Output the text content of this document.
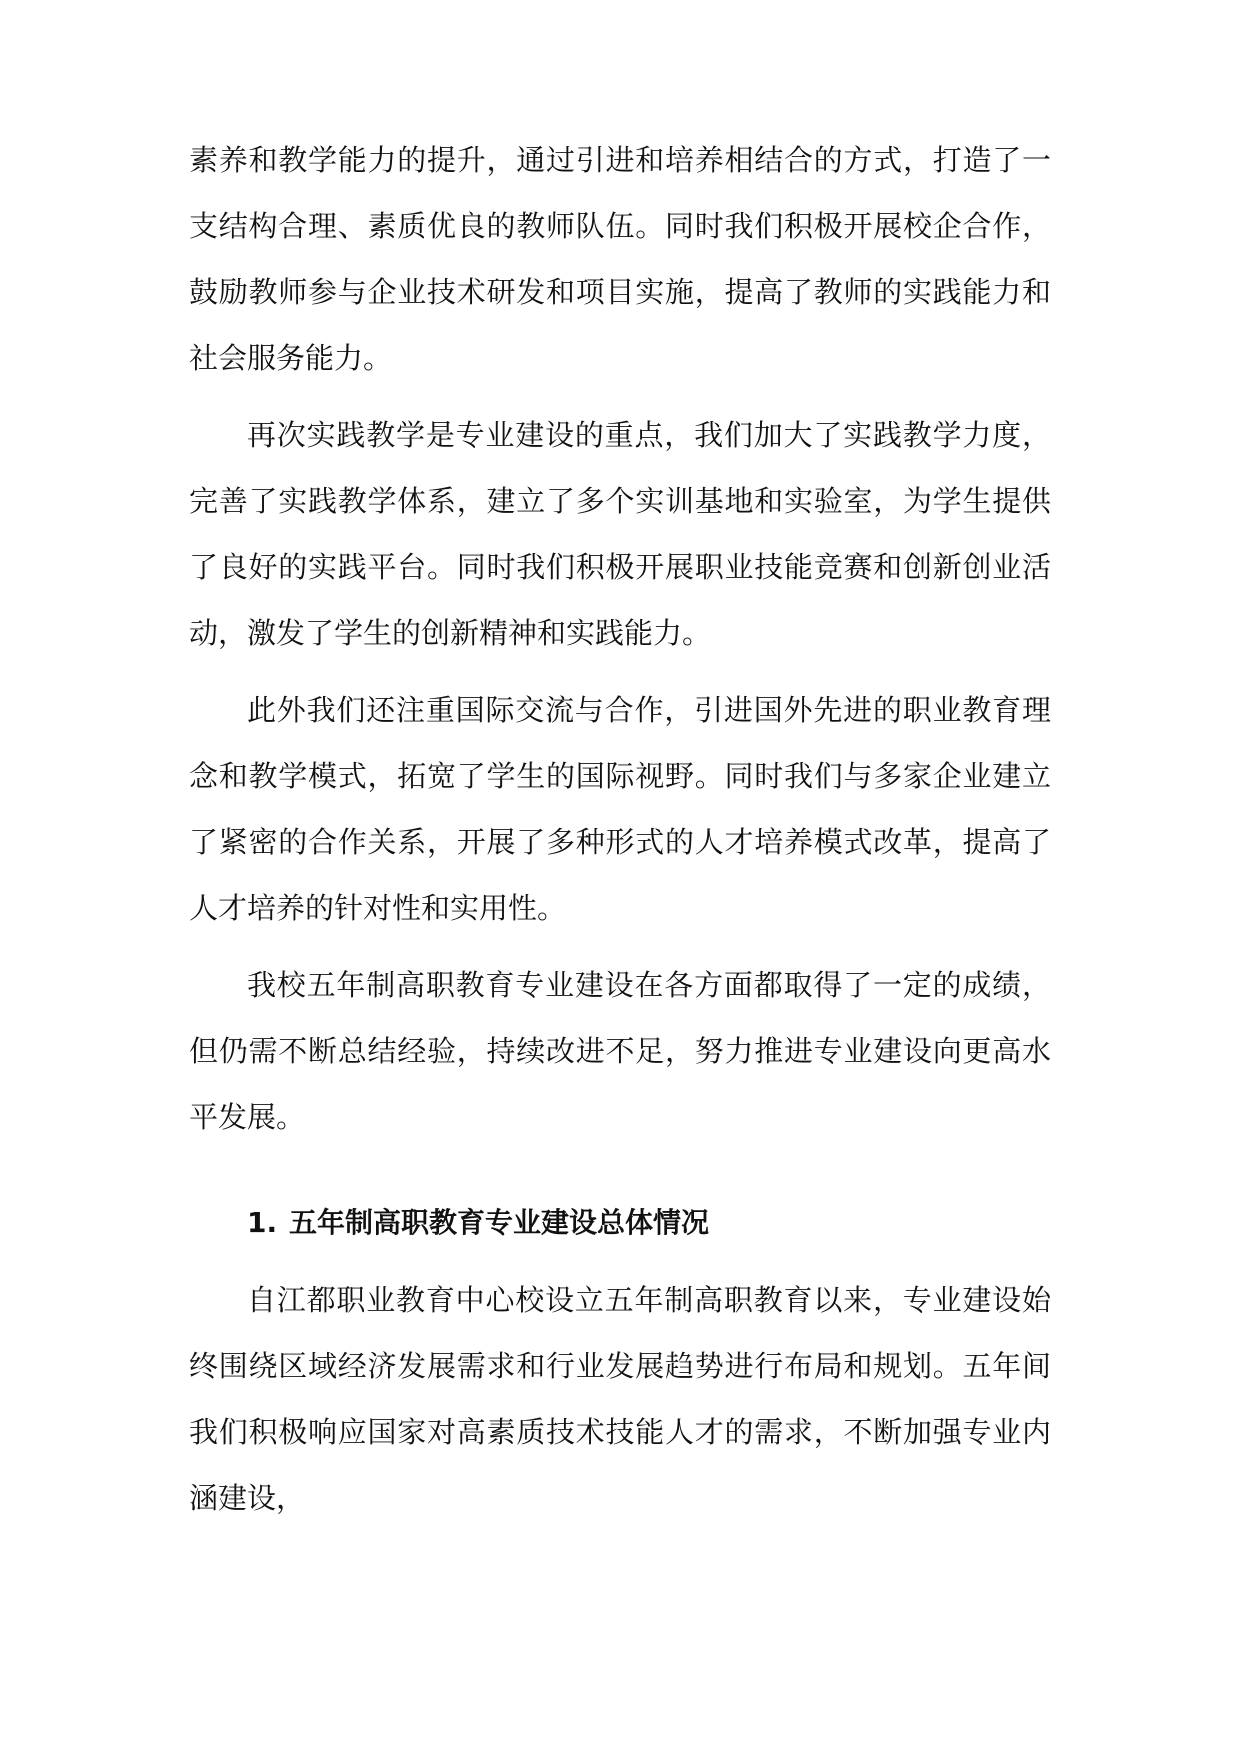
素养和教学能力的提升，通过引进和培养相结合的方式，打造了一支结构合理、素质优良的教师队伍。同时我们积极开展校企合作，鼓励教师参与企业技术研发和项目实施，提高了教师的实践能力和社会服务能力。

再次实践教学是专业建设的重点，我们加大了实践教学力度，完善了实践教学体系，建立了多个实训基地和实验室，为学生提供了良好的实践平台。同时我们积极开展职业技能竞赛和创新创业活动，激发了学生的创新精神和实践能力。

此外我们还注重国际交流与合作，引进国外先进的职业教育理念和教学模式，拓宽了学生的国际视野。同时我们与多家企业建立了紧密的合作关系，开展了多种形式的人才培养模式改革，提高了人才培养的针对性和实用性。

我校五年制高职教育专业建设在各方面都取得了一定的成绩，但仍需不断总结经验，持续改进不足，努力推进专业建设向更高水平发展。

1. 五年制高职教育专业建设总体情况

自江都职业教育中心校设立五年制高职教育以来，专业建设始终围绕区域经济发展需求和行业发展趋势进行布局和规划。五年间我们积极响应国家对高素质技术技能人才的需求，不断加强专业内涵建设，
